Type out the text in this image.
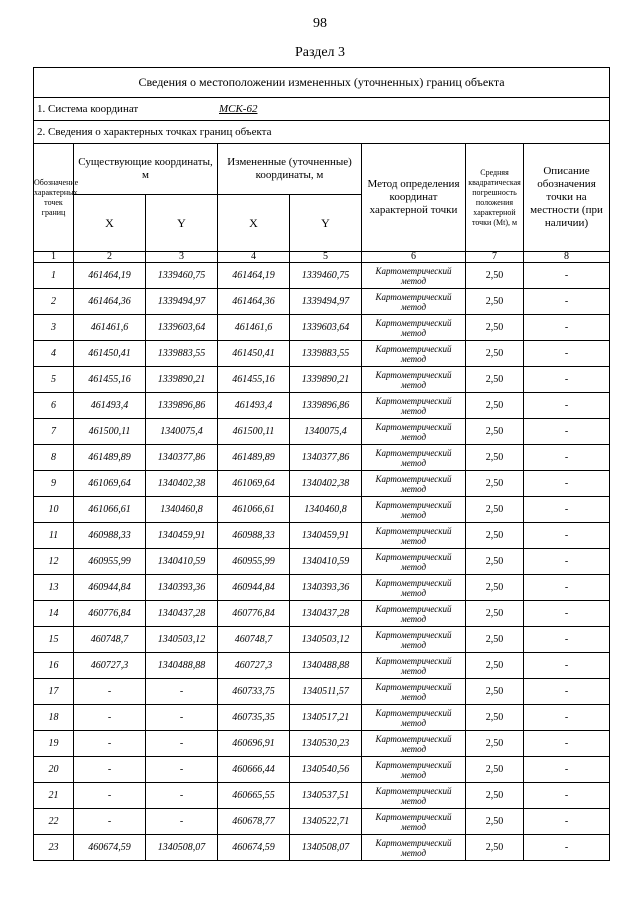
98
Раздел 3
Сведения о местоположении измененных (уточненных) границ объекта							
1. Система координат МСК-62							
2. Сведения о характерных точках границ объекта							
Обозначение характерных точек границ	Существующие координаты, м		Измененные (уточненные) координаты, м		Метод определения координат характерной точки	Средняя квадратическая погрешность положения характерной точки (Mt), м	Описание обозначения точки на местности (при наличии)
	X	Y	X	Y			
1	2	3	4	5	6	7	8
1	461464,19	1339460,75	461464,19	1339460,75	Картометрический
метод	2,50	-
2	461464,36	1339494,97	461464,36	1339494,97	Картометрический
метод	2,50	-
3	461461,6	1339603,64	461461,6	1339603,64	Картометрический
метод	2,50	-
4	461450,41	1339883,55	461450,41	1339883,55	Картометрический
метод	2,50	-
5	461455,16	1339890,21	461455,16	1339890,21	Картометрический
метод	2,50	-
6	461493,4	1339896,86	461493,4	1339896,86	Картометрический
метод	2,50	-
7	461500,11	1340075,4	461500,11	1340075,4	Картометрический
метод	2,50	-
8	461489,89	1340377,86	461489,89	1340377,86	Картометрический
метод	2,50	-
9	461069,64	1340402,38	461069,64	1340402,38	Картометрический
метод	2,50	-
10	461066,61	1340460,8	461066,61	1340460,8	Картометрический
метод	2,50	-
11	460988,33	1340459,91	460988,33	1340459,91	Картометрический
метод	2,50	-
12	460955,99	1340410,59	460955,99	1340410,59	Картометрический
метод	2,50	-
13	460944,84	1340393,36	460944,84	1340393,36	Картометрический
метод	2,50	-
14	460776,84	1340437,28	460776,84	1340437,28	Картометрический
метод	2,50	-
15	460748,7	1340503,12	460748,7	1340503,12	Картометрический
метод	2,50	-
16	460727,3	1340488,88	460727,3	1340488,88	Картометрический
метод	2,50	-
17	-	-	460733,75	1340511,57	Картометрический
метод	2,50	-
18	-	-	460735,35	1340517,21	Картометрический
метод	2,50	-
19	-	-	460696,91	1340530,23	Картометрический
метод	2,50	-
20	-	-	460666,44	1340540,56	Картометрический
метод	2,50	-
21	-	-	460665,55	1340537,51	Картометрический
метод	2,50	-
22	-	-	460678,77	1340522,71	Картометрический
метод	2,50	-
23	460674,59	1340508,07	460674,59	1340508,07	Картометрический
метод	2,50	-
